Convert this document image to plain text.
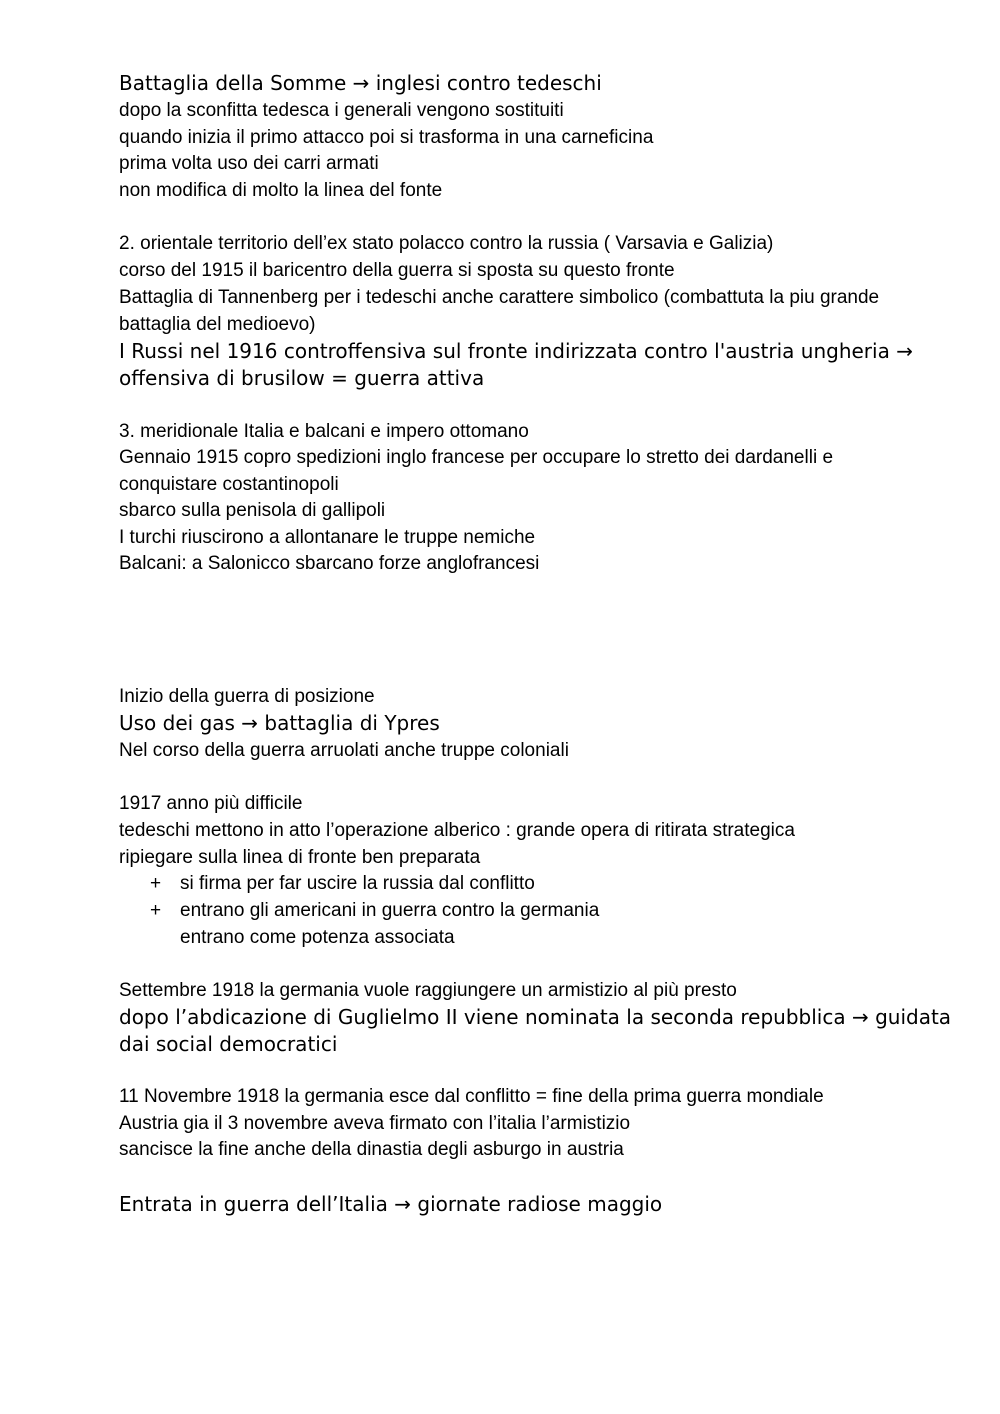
Battaglia della Somme → inglesi contro tedeschi

dopo la sconfitta tedesca i generali vengono sostituiti

quando inizia il primo attacco poi si trasforma in una carneficina

prima volta uso dei carri armati

non modifica di molto la linea del fonte

2. orientale territorio dell’ex stato polacco contro la russia ( Varsavia e Galizia)

corso del 1915 il baricentro della guerra si sposta su questo fronte

Battaglia di Tannenberg per i tedeschi anche carattere simbolico (combattuta la piu grande

battaglia del medioevo)

I Russi nel 1916 controffensiva sul fronte indirizzata contro l'austria ungheria →

offensiva di brusilow = guerra attiva

3. meridionale Italia e balcani e impero ottomano

Gennaio 1915 copro spedizioni inglo francese per occupare lo stretto dei dardanelli e

conquistare costantinopoli

sbarco sulla penisola di gallipoli

I turchi riuscirono a allontanare le truppe nemiche

Balcani: a Salonicco sbarcano forze anglofrancesi

Inizio della guerra di posizione

Uso dei gas → battaglia di Ypres

Nel corso della guerra arruolati anche truppe coloniali

1917 anno più difficile

tedeschi mettono in atto l’operazione alberico : grande opera di ritirata strategica

ripiegare sulla linea di fronte ben preparata

+ si firma per far uscire la russia dal conflitto

+ entrano gli americani in guerra contro la germania

entrano come potenza associata

Settembre 1918 la germania vuole raggiungere un armistizio al più presto

dopo l’abdicazione di Guglielmo II viene nominata la seconda repubblica → guidata

dai social democratici

11 Novembre 1918 la germania esce dal conflitto = fine della prima guerra mondiale

Austria gia il 3 novembre aveva firmato con l’italia l’armistizio

sancisce la fine anche della dinastia degli asburgo in austria

Entrata in guerra dell’Italia → giornate radiose maggio
